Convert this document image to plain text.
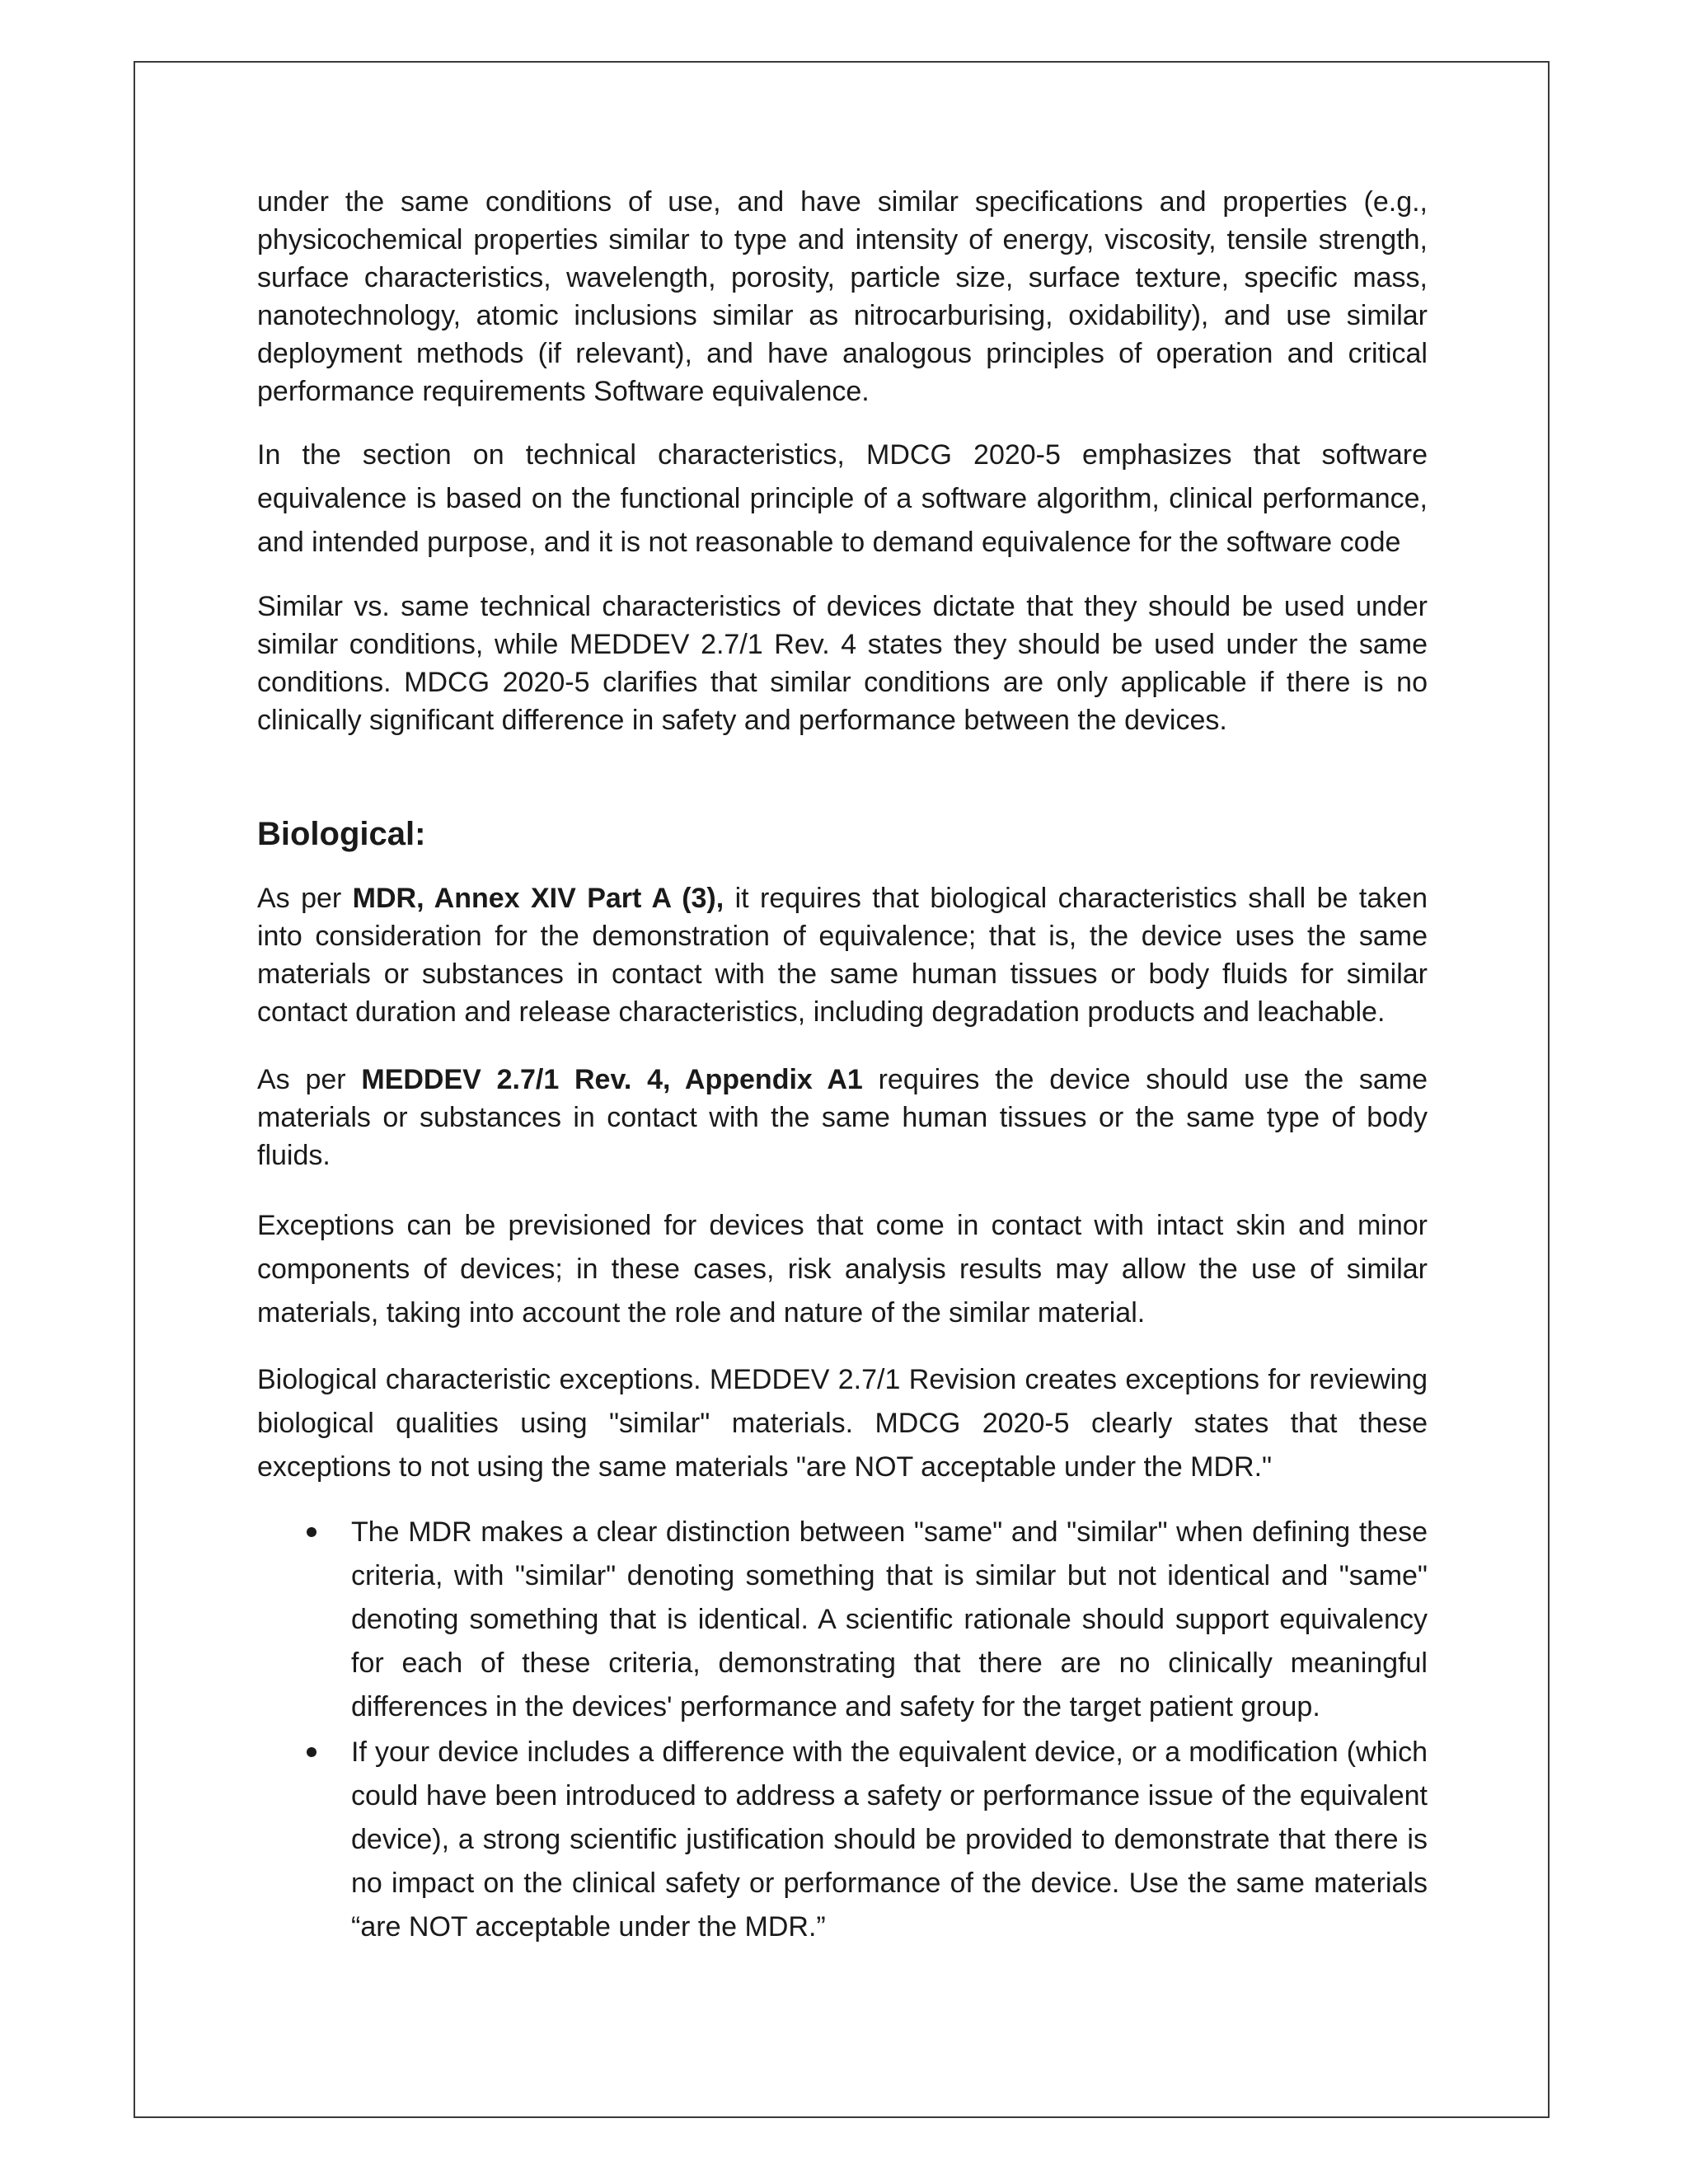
under the same conditions of use, and have similar specifications and properties (e.g., physicochemical properties similar to type and intensity of energy, viscosity, tensile strength, surface characteristics, wavelength, porosity, particle size, surface texture, specific mass, nanotechnology, atomic inclusions similar as nitrocarburising, oxidability), and use similar deployment methods (if relevant), and have analogous principles of operation and critical performance requirements Software equivalence.

In the section on technical characteristics, MDCG 2020-5 emphasizes that software equivalence is based on the functional principle of a software algorithm, clinical performance, and intended purpose, and it is not reasonable to demand equivalence for the software code

Similar vs. same technical characteristics of devices dictate that they should be used under similar conditions, while MEDDEV 2.7/1 Rev. 4 states they should be used under the same conditions. MDCG 2020-5 clarifies that similar conditions are only applicable if there is no clinically significant difference in safety and performance between the devices.

Biological:

As per MDR, Annex XIV Part A (3), it requires that biological characteristics shall be taken into consideration for the demonstration of equivalence; that is, the device uses the same materials or substances in contact with the same human tissues or body fluids for similar contact duration and release characteristics, including degradation products and leachable.

As per MEDDEV 2.7/1 Rev. 4, Appendix A1 requires the device should use the same materials or substances in contact with the same human tissues or the same type of body fluids.

Exceptions can be previsioned for devices that come in contact with intact skin and minor components of devices; in these cases, risk analysis results may allow the use of similar materials, taking into account the role and nature of the similar material.

Biological characteristic exceptions. MEDDEV 2.7/1 Revision creates exceptions for reviewing biological qualities using "similar" materials. MDCG 2020-5 clearly states that these exceptions to not using the same materials "are NOT acceptable under the MDR."

The MDR makes a clear distinction between "same" and "similar" when defining these criteria, with "similar" denoting something that is similar but not identical and "same" denoting something that is identical. A scientific rationale should support equivalency for each of these criteria, demonstrating that there are no clinically meaningful differences in the devices' performance and safety for the target patient group.

If your device includes a difference with the equivalent device, or a modification (which could have been introduced to address a safety or performance issue of the equivalent device), a strong scientific justification should be provided to demonstrate that there is no impact on the clinical safety or performance of the device. Use the same materials “are NOT acceptable under the MDR.”
